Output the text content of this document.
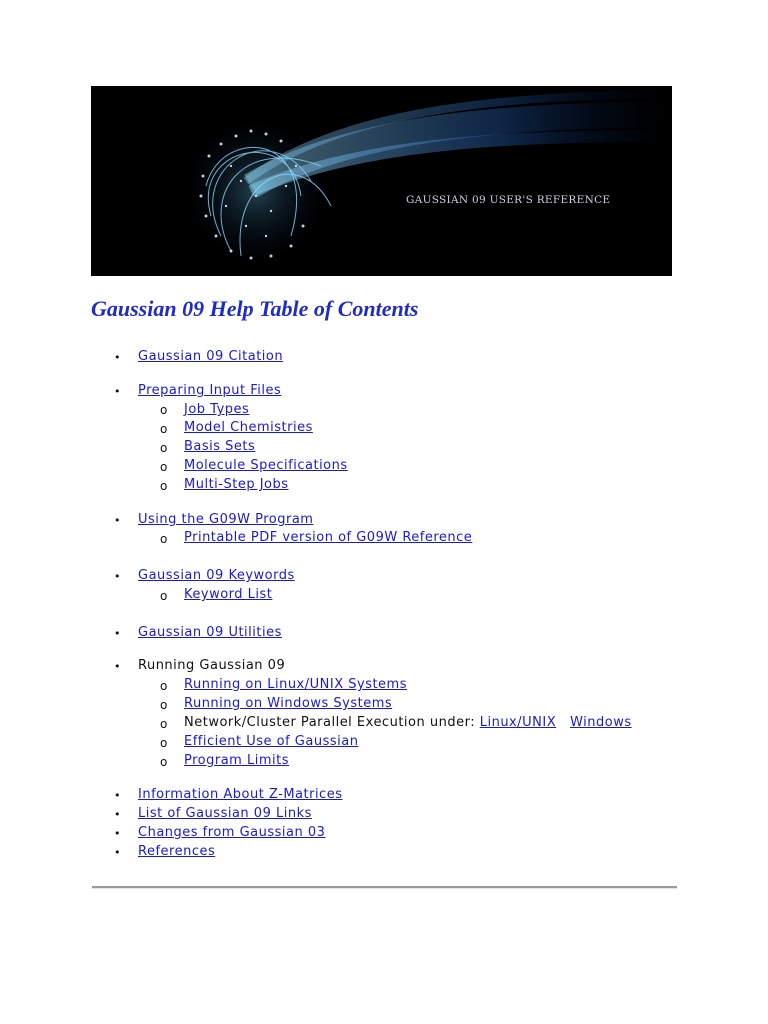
GAUSSIAN 09 USER'S REFERENCE
Gaussian 09 Help Table of Contents
• Gaussian 09 Citation
• Preparing Input Files
o Job Types
o Model Chemistries
o Basis Sets
o Molecule Specifications
o Multi-Step Jobs
• Using the G09W Program
o Printable PDF version of G09W Reference
• Gaussian 09 Keywords
o Keyword List
• Gaussian 09 Utilities
• Running Gaussian 09
o Running on Linux/UNIX Systems
o Running on Windows Systems
o Network/Cluster Parallel Execution under: Linux/UNIX Windows
o Efficient Use of Gaussian
o Program Limits
• Information About Z-Matrices
• List of Gaussian 09 Links
• Changes from Gaussian 03
• References
